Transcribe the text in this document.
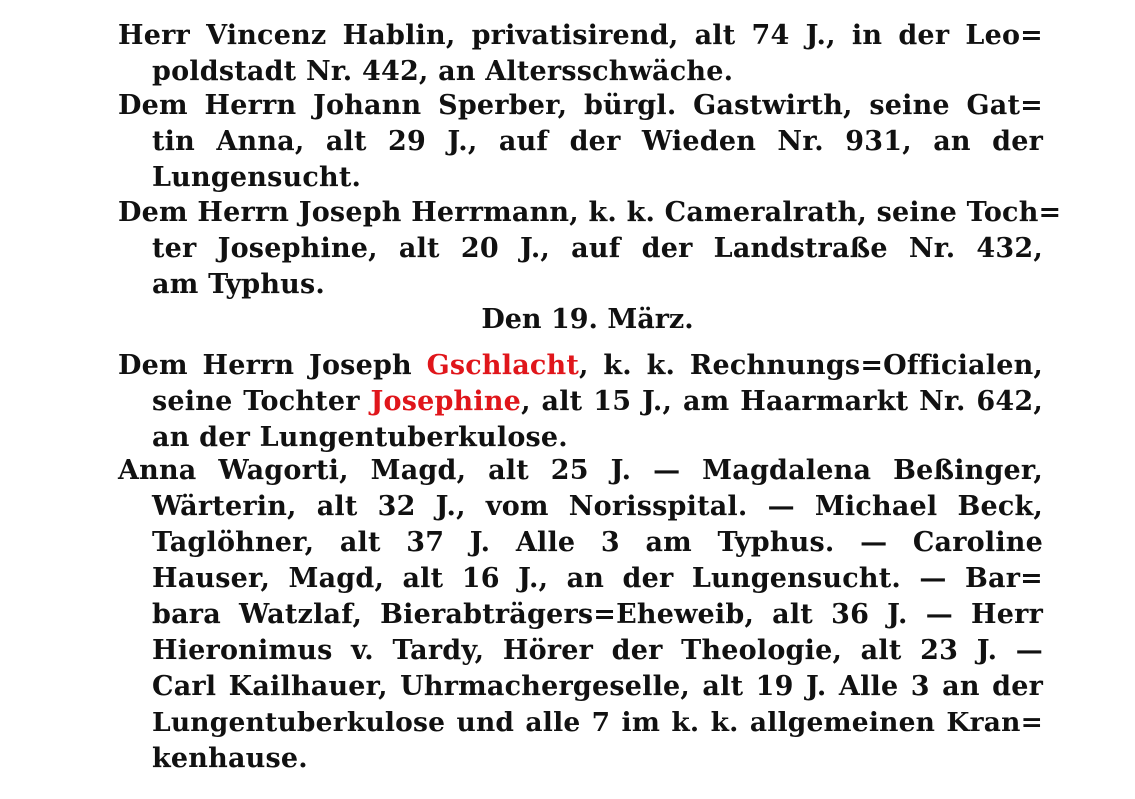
Herr Vincenz Hablin, privatisirend, alt 74 J., in der Leo=
poldstadt Nr. 442, an Altersschwäche.
Dem Herrn Johann Sperber, bürgl. Gastwirth, seine Gat=
tin Anna, alt 29 J., auf der Wieden Nr. 931, an der
Lungensucht.
Dem Herrn Joseph Herrmann, k. k. Cameralrath, seine Toch=
ter Josephine, alt 20 J., auf der Landstraße Nr. 432,
am Typhus.
Den 19. März.
Dem Herrn Joseph Gschlacht, k. k. Rechnungs=Officialen,
seine Tochter Josephine, alt 15 J., am Haarmarkt Nr. 642,
an der Lungentuberkulose.
Anna Wagorti, Magd, alt 25 J. — Magdalena Beßinger,
Wärterin, alt 32 J., vom Norisspital. — Michael Beck,
Taglöhner, alt 37 J. Alle 3 am Typhus. — Caroline
Hauser, Magd, alt 16 J., an der Lungensucht. — Bar=
bara Watzlaf, Bierabträgers=Eheweib, alt 36 J. — Herr
Hieronimus v. Tardy, Hörer der Theologie, alt 23 J. —
Carl Kailhauer, Uhrmachergeselle, alt 19 J. Alle 3 an der
Lungentuberkulose und alle 7 im k. k. allgemeinen Kran=
kenhause.
